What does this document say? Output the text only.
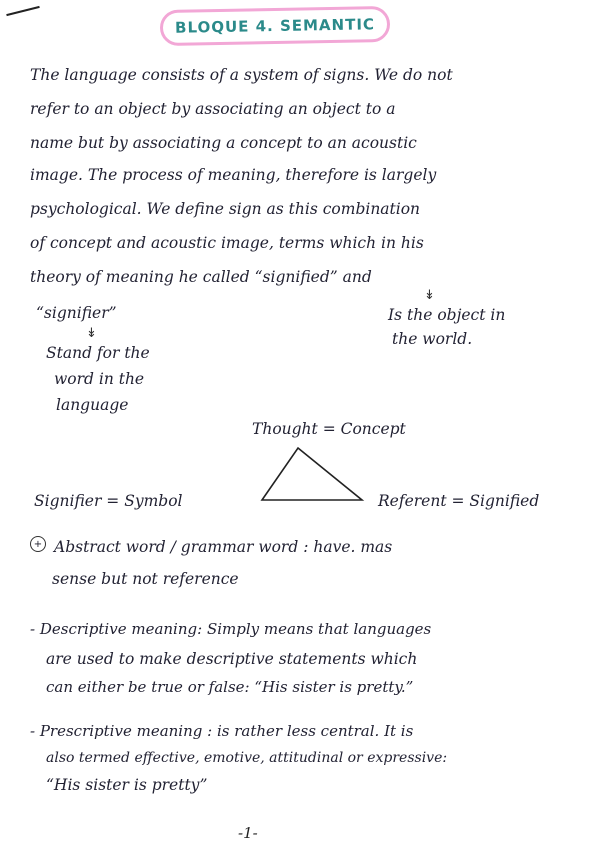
BLOQUE 4. SEMANTIC
The language consists of a system of signs. We do not
refer to an object by associating an object to a
name but by associating a concept to an acoustic
image. The process of meaning, therefore is largely
psychological. We define sign as this combination
of concept and acoustic image, terms which in his
theory of meaning he called “signified” and
↡
Is the object in
the world.
“signifier”
↡
Stand for the
word in the
language
Thought = Concept
Signifier = Symbol	Referent = Signified
+ Abstract word / grammar word : have. mas
sense but not reference
- Descriptive meaning: Simply means that languages
are used to make descriptive statements which
can either be true or false: “His sister is pretty.”
- Prescriptive meaning : is rather less central. It is
also termed effective, emotive, attitudinal or expressive:
“His sister is pretty”
-1-
